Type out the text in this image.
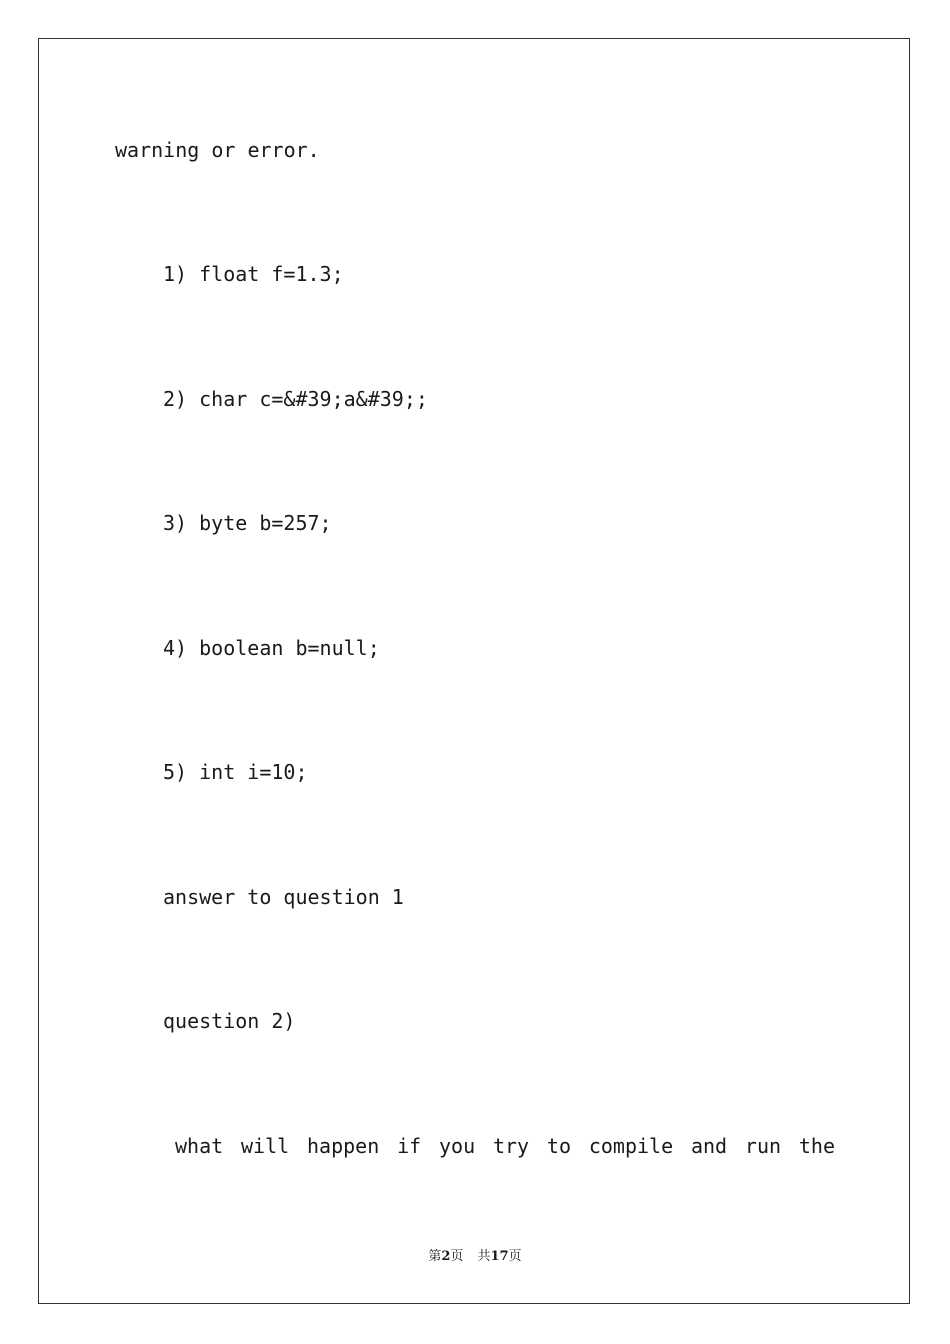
warning or error.
1) float f=1.3;
2) char c=&#39;a&#39;;
3) byte b=257;
4) boolean b=null;
5) int i=10;
answer to question 1
question 2)
what will happen if you try to compile and run the
第2页 共17页
